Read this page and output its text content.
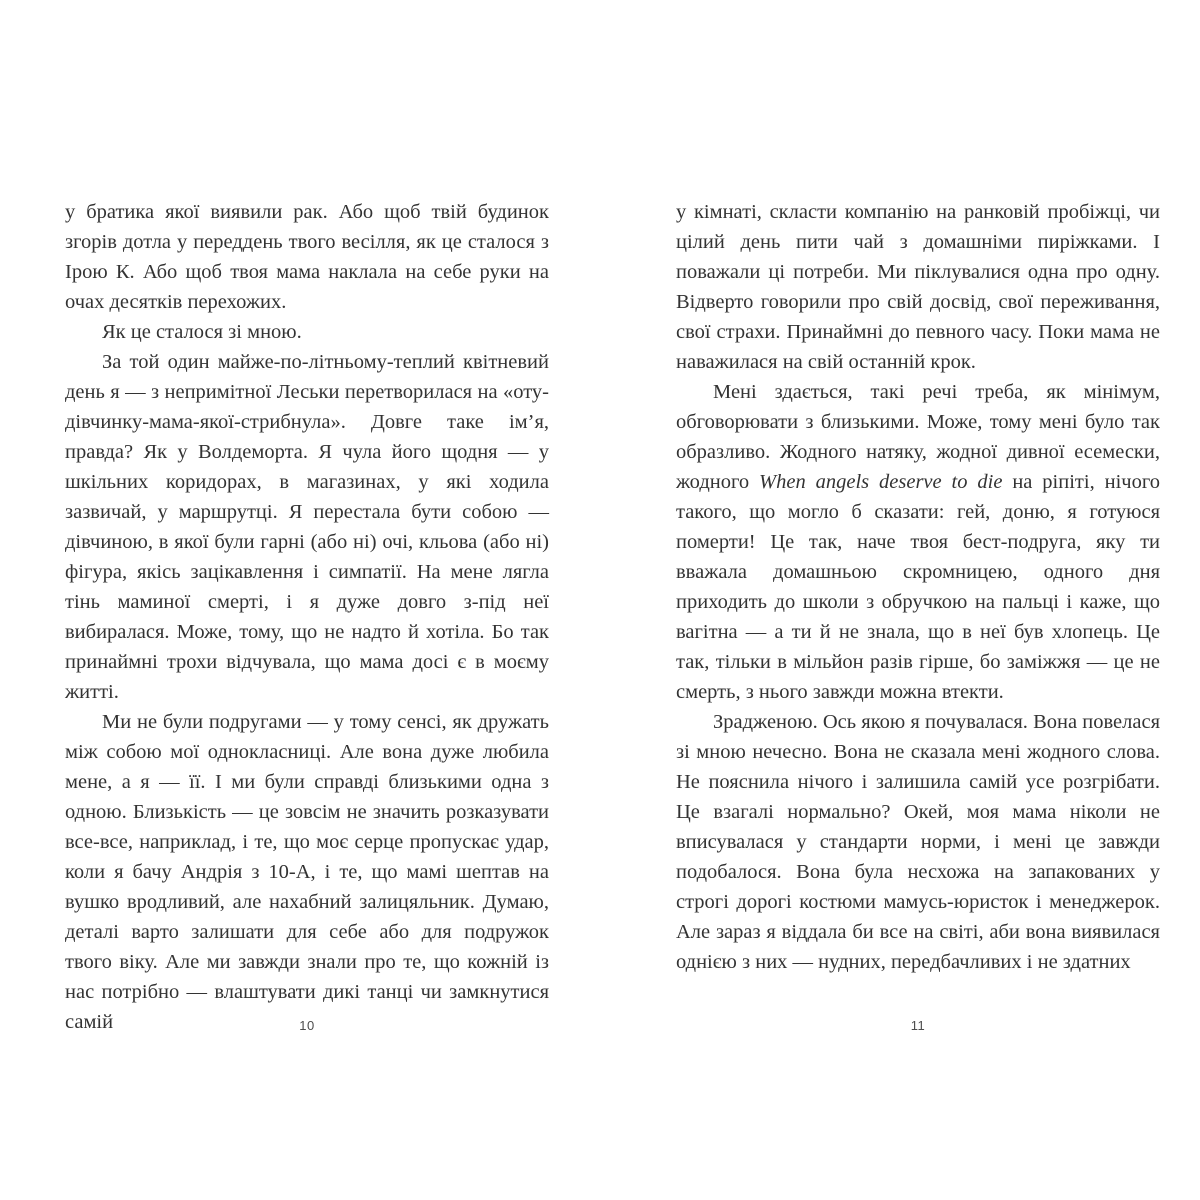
у братика якої виявили рак. Або щоб твій будинок згорів дотла у переддень твого весілля, як це сталося з Ірою К. Або щоб твоя мама наклала на себе руки на очах десятків перехожих.

Як це сталося зі мною.

За той один майже-по-літньому-теплий квітневий день я — з непримітної Леськи перетворилася на «оту-дівчинку-мама-якої-стрибнула». Довге таке ім’я, правда? Як у Волдеморта. Я чула його щодня — у шкільних коридорах, в магазинах, у які ходила зазвичай, у маршрутці. Я перестала бути собою — дівчиною, в якої були гарні (або ні) очі, кльова (або ні) фігура, якісь зацікавлення і симпатії. На мене лягла тінь маминої смерті, і я дуже довго з-під неї вибиралася. Може, тому, що не надто й хотіла. Бо так принаймні трохи відчувала, що мама досі є в моєму житті.

Ми не були подругами — у тому сенсі, як дружать між собою мої однокласниці. Але вона дуже любила мене, а я — її. І ми були справді близькими одна з одною. Близькість — це зовсім не значить розказувати все-все, наприклад, і те, що моє серце пропускає удар, коли я бачу Андрія з 10-А, і те, що мамі шептав на вушко вродливий, але нахабний залицяльник. Думаю, деталі варто залишати для себе або для подружок твого віку. Але ми завжди знали про те, що кожній із нас потрібно — влаштувати дикі танці чи замкнутися самій

у кімнаті, скласти компанію на ранковій пробіжці, чи цілий день пити чай з домашніми пиріжками. І поважали ці потреби. Ми піклувалися одна про одну. Відверто говорили про свій досвід, свої переживання, свої страхи. Принаймні до певного часу. Поки мама не наважилася на свій останній крок.

Мені здається, такі речі треба, як мінімум, обговорювати з близькими. Може, тому мені було так образливо. Жодного натяку, жодної дивної есемески, жодного When angels deserve to die на ріпіті, нічого такого, що могло б сказати: гей, доню, я готуюся померти! Це так, наче твоя бест-подруга, яку ти вважала домашньою скромницею, одного дня приходить до школи з обручкою на пальці і каже, що вагітна — а ти й не знала, що в неї був хлопець. Це так, тільки в мільйон разів гірше, бо заміжжя — це не смерть, з нього завжди можна втекти.

Зрадженою. Ось якою я почувалася. Вона повелася зі мною нечесно. Вона не сказала мені жодного слова. Не пояснила нічого і залишила самій усе розгрібати. Це взагалі нормально? Окей, моя мама ніколи не вписувалася у стандарти норми, і мені це завжди подобалося. Вона була несхожа на запакованих у строгі дорогі костюми мамусь-юристок і менеджерок. Але зараз я віддала би все на світі, аби вона виявилася однією з них — нудних, передбачливих і не здатних

10	11
